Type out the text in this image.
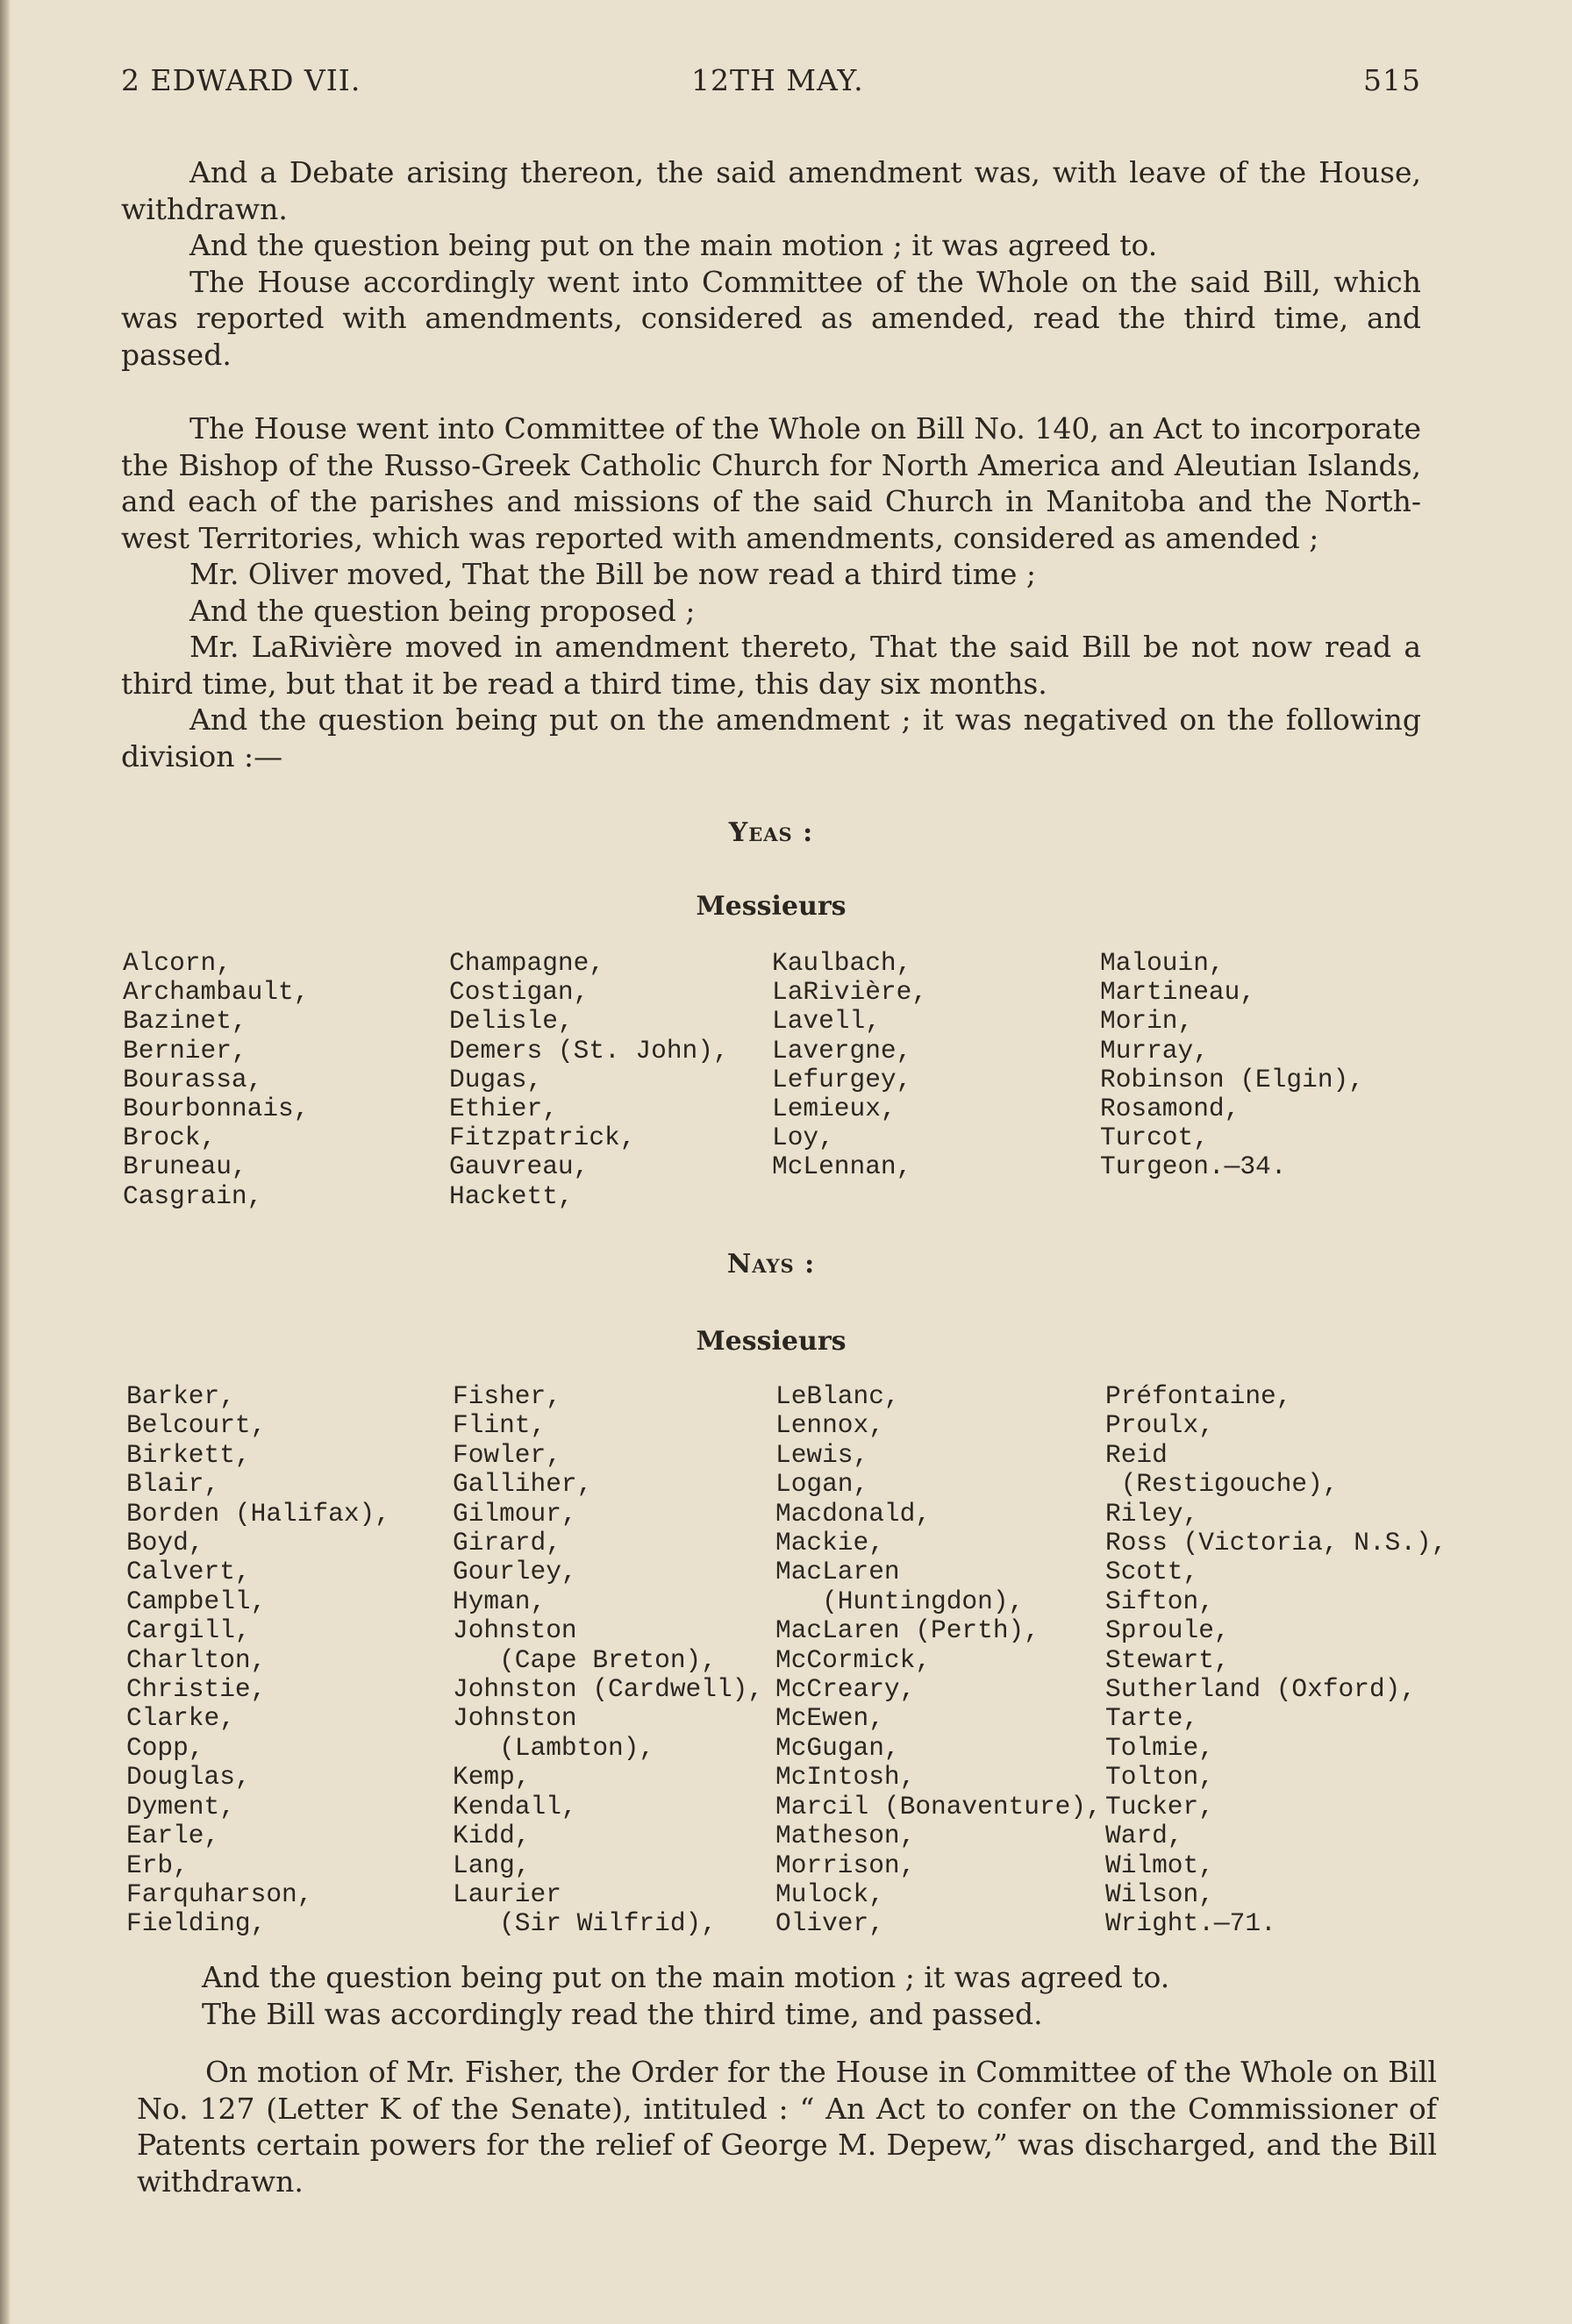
2 EDWARD VII.	12TH MAY.	515

And a Debate arising thereon, the said amendment was, with leave of the House, withdrawn.

And the question being put on the main motion ; it was agreed to.

The House accordingly went into Committee of the Whole on the said Bill, which was reported with amendments, considered as amended, read the third time, and passed.

The House went into Committee of the Whole on Bill No. 140, an Act to incorporate the Bishop of the Russo-Greek Catholic Church for North America and Aleutian Islands, and each of the parishes and missions of the said Church in Manitoba and the North-west Territories, which was reported with amendments, considered as amended ;

Mr. Oliver moved, That the Bill be now read a third time ;

And the question being proposed ;

Mr. LaRivière moved in amendment thereto, That the said Bill be not now read a third time, but that it be read a third time, this day six months.

And the question being put on the amendment ; it was negatived on the following division :—

Yeas :
Messieurs
Alcorn,
Archambault,
Bazinet,
Bernier,
Bourassa,
Bourbonnais,
Brock,
Bruneau,
Casgrain,
Champagne,
Costigan,
Delisle,
Demers (St. John),
Dugas,
Ethier,
Fitzpatrick,
Gauvreau,
Hackett,
Kaulbach,
LaRivière,
Lavell,
Lavergne,
Lefurgey,
Lemieux,
Loy,
McLennan,
Malouin,
Martineau,
Morin,
Murray,
Robinson (Elgin),
Rosamond,
Turcot,
Turgeon.—34.
Nays :
Messieurs
Barker,
Belcourt,
Birkett,
Blair,
Borden (Halifax),
Boyd,
Calvert,
Campbell,
Cargill,
Charlton,
Christie,
Clarke,
Copp,
Douglas,
Dyment,
Earle,
Erb,
Farquharson,
Fielding,
Fisher,
Flint,
Fowler,
Galliher,
Gilmour,
Girard,
Gourley,
Hyman,
Johnston
(Cape Breton),
Johnston (Cardwell),
Johnston
(Lambton),
Kemp,
Kendall,
Kidd,
Lang,
Laurier
(Sir Wilfrid),
LeBlanc,
Lennox,
Lewis,
Logan,
Macdonald,
Mackie,
MacLaren
(Huntingdon),
MacLaren (Perth),
McCormick,
McCreary,
McEwen,
McGugan,
McIntosh,
Marcil (Bonaventure),
Matheson,
Morrison,
Mulock,
Oliver,
Préfontaine,
Proulx,
Reid
(Restigouche),
Riley,
Ross (Victoria, N.S.),
Scott,
Sifton,
Sproule,
Stewart,
Sutherland (Oxford),
Tarte,
Tolmie,
Tolton,
Tucker,
Ward,
Wilmot,
Wilson,
Wright.—71.

And the question being put on the main motion ; it was agreed to.

The Bill was accordingly read the third time, and passed.

On motion of Mr. Fisher, the Order for the House in Committee of the Whole on Bill No. 127 (Letter K of the Senate), intituled : “ An Act to confer on the Commissioner of Patents certain powers for the relief of George M. Depew,” was discharged, and the Bill withdrawn.
